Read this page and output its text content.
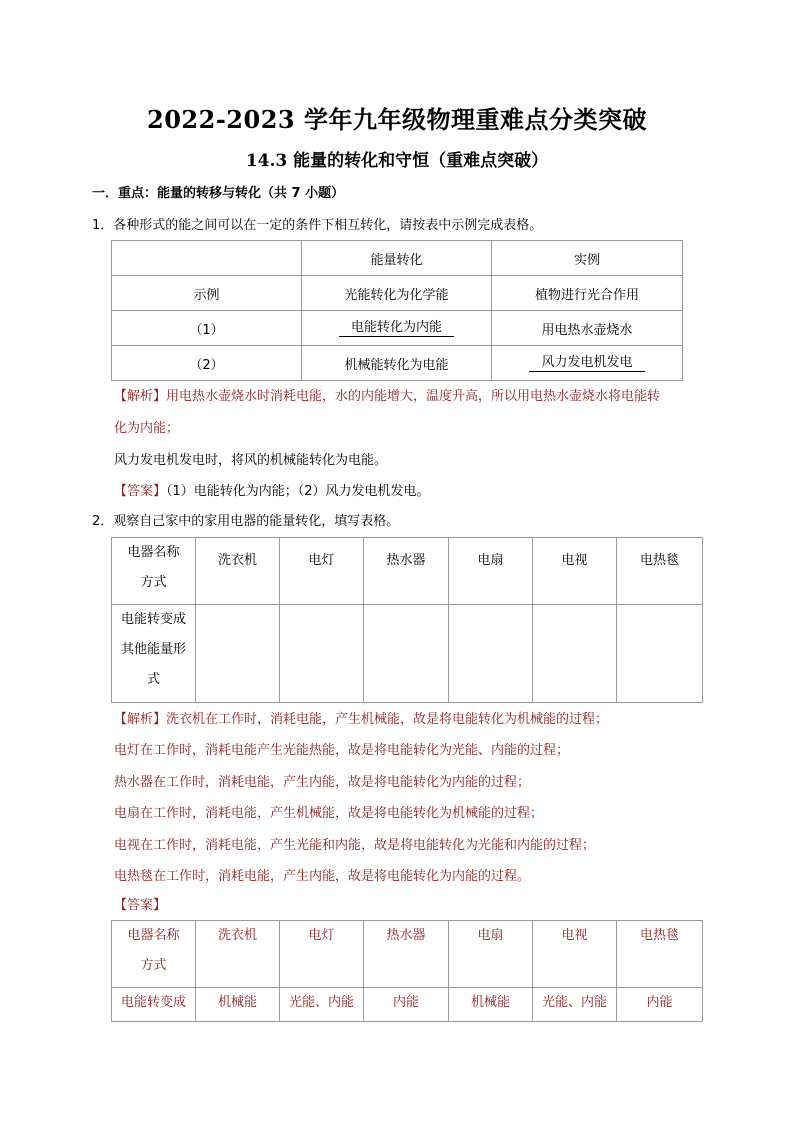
2022-2023 学年九年级物理重难点分类突破
14.3 能量的转化和守恒（重难点突破）
一．重点：能量的转移与转化（共 7 小题）
1．各种形式的能之间可以在一定的条件下相互转化，请按表中示例完成表格。
	能量转化	实例
示例	光能转化为化学能	植物进行光合作用
（1）	电能转化为内能	用电热水壶烧水
（2）	机械能转化为电能	风力发电机发电
【解析】用电热水壶烧水时消耗电能，水的内能增大，温度升高，所以用电热水壶烧水将电能转
化为内能；
风力发电机发电时，将风的机械能转化为电能。
【答案】（1）电能转化为内能；（2）风力发电机发电。
2．观察自己家中的家用电器的能量转化，填写表格。
电器名称
方式	洗衣机	电灯	热水器	电扇	电视	电热毯

电能转变成
其他能量形
式						

【解析】洗衣机在工作时，消耗电能，产生机械能，故是将电能转化为机械能的过程；
电灯在工作时，消耗电能产生光能热能，故是将电能转化为光能、内能的过程；
热水器在工作时，消耗电能，产生内能，故是将电能转化为内能的过程；
电扇在工作时，消耗电能，产生机械能，故是将电能转化为机械能的过程；
电视在工作时，消耗电能，产生光能和内能，故是将电能转化为光能和内能的过程；
电热毯在工作时，消耗电能，产生内能，故是将电能转化为内能的过程。
【答案】
电器名称
方式	洗衣机	电灯	热水器	电扇	电视	电热毯
电能转变成	机械能	光能、内能	内能	机械能	光能、内能	内能
